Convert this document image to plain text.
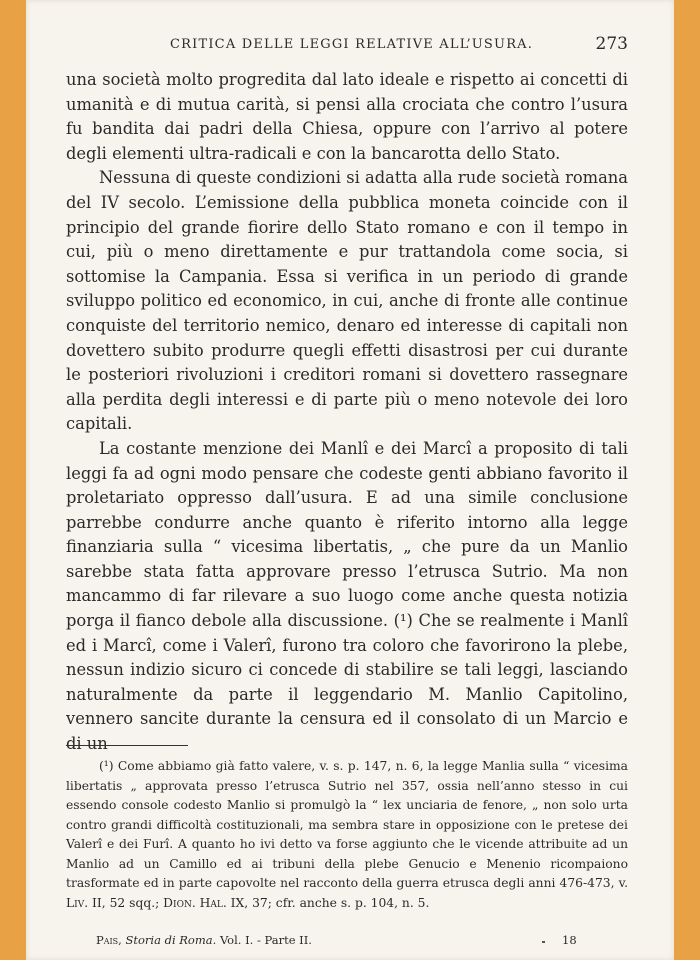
CRITICA DELLE LEGGI RELATIVE ALL’USURA.	273

una società molto progredita dal lato ideale e rispetto ai concetti di umanità e di mutua carità, si pensi alla crociata che contro l’usura fu bandita dai padri della Chiesa, oppure con l’arrivo al potere degli elementi ultra-radicali e con la bancarotta dello Stato.

Nessuna di queste condizioni si adatta alla rude società romana del IV secolo. L’emissione della pubblica moneta coincide con il principio del grande fiorire dello Stato romano e con il tempo in cui, più o meno direttamente e pur trattandola come socia, si sottomise la Campania. Essa si verifica in un periodo di grande sviluppo politico ed economico, in cui, anche di fronte alle continue conquiste del territorio nemico, denaro ed interesse di capitali non dovettero subito produrre quegli effetti disastrosi per cui durante le posteriori rivoluzioni i creditori romani si dovettero rassegnare alla perdita degli interessi e di parte più o meno notevole dei loro capitali.

La costante menzione dei Manlî e dei Marcî a proposito di tali leggi fa ad ogni modo pensare che codeste genti abbiano favorito il proletariato oppresso dall’usura. E ad una simile conclusione parrebbe condurre anche quanto è riferito intorno alla legge finanziaria sulla “ vicesima libertatis, „ che pure da un Manlio sarebbe stata fatta approvare presso l’etrusca Sutrio. Ma non mancammo di far rilevare a suo luogo come anche questa notizia porga il fianco debole alla discussione. (¹) Che se realmente i Manlî ed i Marcî, come i Valerî, furono tra coloro che favorirono la plebe, nessun indizio sicuro ci concede di stabilire se tali leggi, lasciando naturalmente da parte il leggendario M. Manlio Capitolino, vennero sancite durante la censura ed il consolato di un Marcio e di un

(¹) Come abbiamo già fatto valere, v. s. p. 147, n. 6, la legge Manlia sulla “ vicesima libertatis „ approvata presso l’etrusca Sutrio nel 357, ossia nell’anno stesso in cui essendo console codesto Manlio si promulgò la “ lex unciaria de fenore, „ non solo urta contro grandi difficoltà costituzionali, ma sembra stare in opposizione con le pretese dei Valerî e dei Furî. A quanto ho ivi detto va forse aggiunto che le vicende attribuite ad un Manlio ad un Camillo ed ai tribuni della plebe Genucio e Menenio ricompaiono trasformate ed in parte capovolte nel racconto della guerra etrusca degli anni 476-473, v. Liv. II, 52 sqq.; Dion. Hal. IX, 37; cfr. anche s. p. 104, n. 5.

Pais, Storia di Roma. Vol. I. - Parte II.	18
